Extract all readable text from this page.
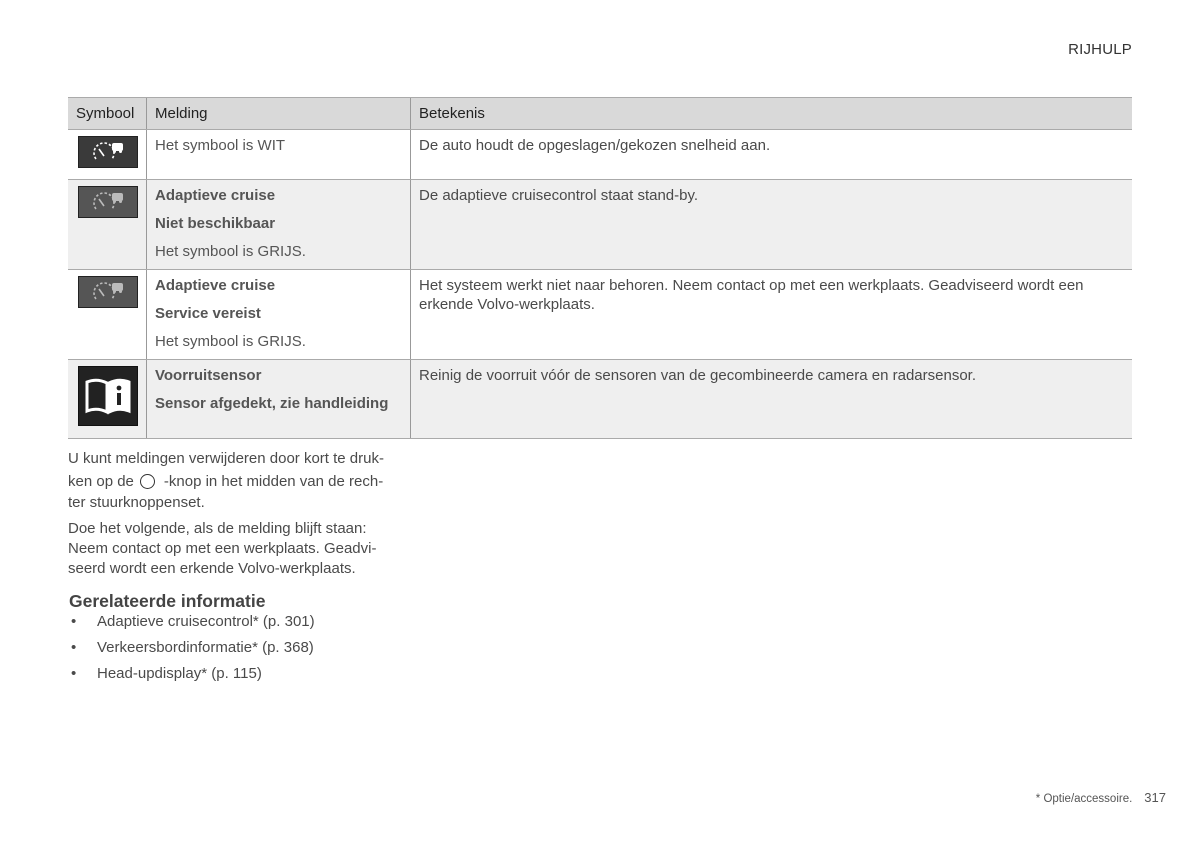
RIJHULP
Symbool	Melding	Betekenis

Het symbool is WIT	De auto houdt de opgeslagen/gekozen snelheid aan.

Adaptieve cruise
Niet beschikbaar
Het symbool is GRIJS.	De adaptieve cruisecontrol staat stand-by.

Adaptieve cruise
Service vereist
Het symbool is GRIJS.	Het systeem werkt niet naar behoren. Neem contact op met een werkplaats. Geadviseerd wordt een erkende Volvo-werkplaats.

Voorruitsensor
Sensor afgedekt, zie handleiding	Reinig de voorruit vóór de sensoren van de gecombineerde camera en radarsensor.

U kunt meldingen verwijderen door kort te druk-

ken op de -knop in het midden van de rech-

ter stuurknoppenset.

Doe het volgende, als de melding blijft staan:

Neem contact op met een werkplaats. Geadvi-

seerd wordt een erkende Volvo-werkplaats.

Gerelateerde informatie
• Adaptieve cruisecontrol* (p. 301)
• Verkeersbordinformatie* (p. 368)
• Head-updisplay* (p. 115)
* Optie/accessoire. 317
